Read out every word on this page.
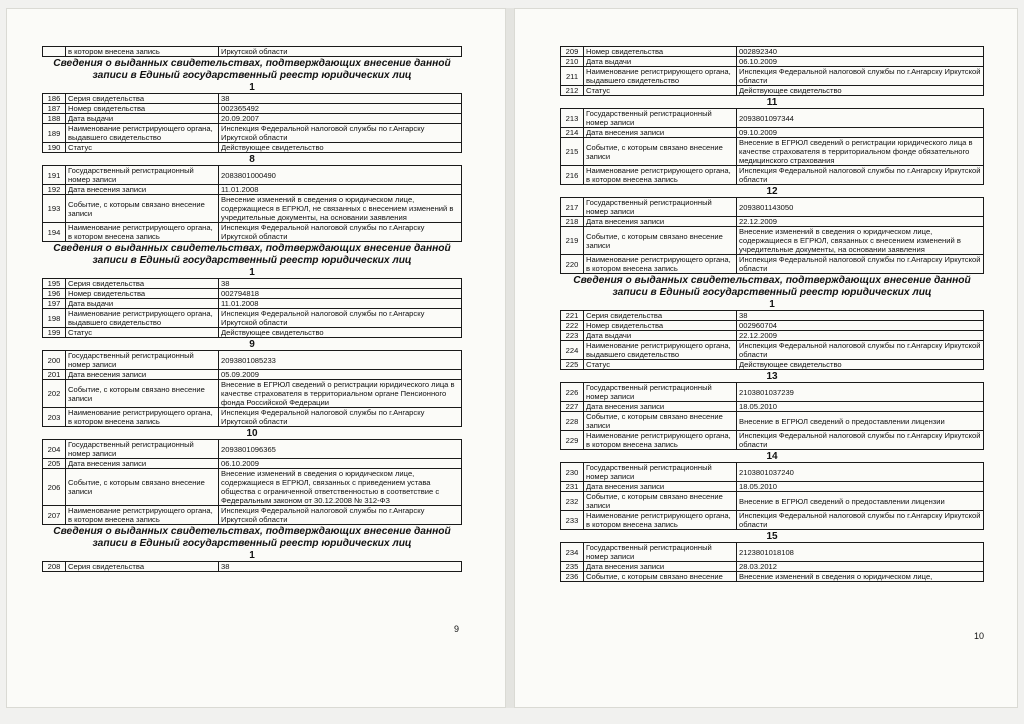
	в котором внесена запись	Иркутской области
Сведения о выданных свидетельствах, подтверждающих внесение данной записи в Единый государственный реестр юридических лиц
1
186	Серия свидетельства	38
187	Номер свидетельства	002365492
188	Дата выдачи	20.09.2007
189	Наименование регистрирующего органа, выдавшего свидетельство	Инспекция Федеральной налоговой службы по г.Ангарску Иркутской области
190	Статус	Действующее свидетельство
8
191	Государственный регистрационный номер записи	2083801000490
192	Дата внесения записи	11.01.2008
193	Событие, с которым связано внесение записи	Внесение изменений в сведения о юридическом лице, содержащиеся в ЕГРЮЛ, не связанных с внесением изменений в учредительные документы, на основании заявления
194	Наименование регистрирующего органа, в котором внесена запись	Инспекция Федеральной налоговой службы по г.Ангарску Иркутской области
Сведения о выданных свидетельствах, подтверждающих внесение данной записи в Единый государственный реестр юридических лиц
1
195	Серия свидетельства	38
196	Номер свидетельства	002794818
197	Дата выдачи	11.01.2008
198	Наименование регистрирующего органа, выдавшего свидетельство	Инспекция Федеральной налоговой службы по г.Ангарску Иркутской области
199	Статус	Действующее свидетельство
9
200	Государственный регистрационный номер записи	2093801085233
201	Дата внесения записи	05.09.2009
202	Событие, с которым связано внесение записи	Внесение в ЕГРЮЛ сведений о регистрации юридического лица в качестве страхователя в территориальном органе Пенсионного фонда Российской Федерации
203	Наименование регистрирующего органа, в котором внесена запись	Инспекция Федеральной налоговой службы по г.Ангарску Иркутской области
10
204	Государственный регистрационный номер записи	2093801096365
205	Дата внесения записи	06.10.2009
206	Событие, с которым связано внесение записи	Внесение изменений в сведения о юридическом лице, содержащиеся в ЕГРЮЛ, связанных с приведением устава общества с ограниченной ответственностью в соответствие с Федеральным законом от 30.12.2008 № 312-ФЗ
207	Наименование регистрирующего органа, в котором внесена запись	Инспекция Федеральной налоговой службы по г.Ангарску Иркутской области
Сведения о выданных свидетельствах, подтверждающих внесение данной записи в Единый государственный реестр юридических лиц
1
208	Серия свидетельства	38
9
209	Номер свидетельства	002892340
210	Дата выдачи	06.10.2009
211	Наименование регистрирующего органа, выдавшего свидетельство	Инспекция Федеральной налоговой службы по г.Ангарску Иркутской области
212	Статус	Действующее свидетельство
11
213	Государственный регистрационный номер записи	2093801097344
214	Дата внесения записи	09.10.2009
215	Событие, с которым связано внесение записи	Внесение в ЕГРЮЛ сведений о регистрации юридического лица в качестве страхователя в территориальном фонде обязательного медицинского страхования
216	Наименование регистрирующего органа, в котором внесена запись	Инспекция Федеральной налоговой службы по г.Ангарску Иркутской области
12
217	Государственный регистрационный номер записи	2093801143050
218	Дата внесения записи	22.12.2009
219	Событие, с которым связано внесение записи	Внесение изменений в сведения о юридическом лице, содержащиеся в ЕГРЮЛ, связанных с внесением изменений в учредительные документы, на основании заявления
220	Наименование регистрирующего органа, в котором внесена запись	Инспекция Федеральной налоговой службы по г.Ангарску Иркутской области
Сведения о выданных свидетельствах, подтверждающих внесение данной записи в Единый государственный реестр юридических лиц
1
221	Серия свидетельства	38
222	Номер свидетельства	002960704
223	Дата выдачи	22.12.2009
224	Наименование регистрирующего органа, выдавшего свидетельство	Инспекция Федеральной налоговой службы по г.Ангарску Иркутской области
225	Статус	Действующее свидетельство
13
226	Государственный регистрационный номер записи	2103801037239
227	Дата внесения записи	18.05.2010
228	Событие, с которым связано внесение записи	Внесение в ЕГРЮЛ сведений о предоставлении лицензии
229	Наименование регистрирующего органа, в котором внесена запись	Инспекция Федеральной налоговой службы по г.Ангарску Иркутской области
14
230	Государственный регистрационный номер записи	2103801037240
231	Дата внесения записи	18.05.2010
232	Событие, с которым связано внесение записи	Внесение в ЕГРЮЛ сведений о предоставлении лицензии
233	Наименование регистрирующего органа, в котором внесена запись	Инспекция Федеральной налоговой службы по г.Ангарску Иркутской области
15
234	Государственный регистрационный номер записи	2123801018108
235	Дата внесения записи	28.03.2012
236	Событие, с которым связано внесение	Внесение изменений в сведения о юридическом лице,
10
